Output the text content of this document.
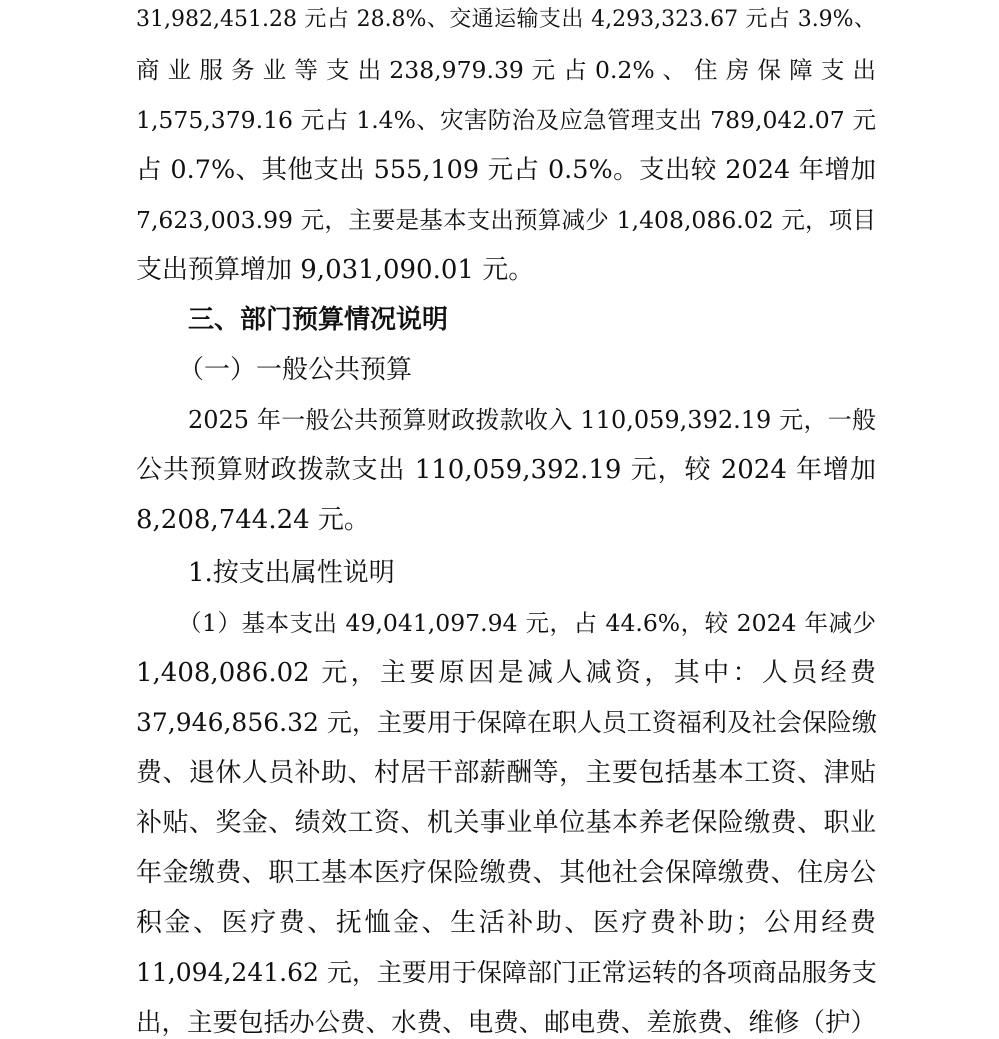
31,982,451.28 元占 28.8%、交通运输支出 4,293,323.67 元占 3.9%、
商 业 服 务 业 等 支 出 238,979.39 元 占 0.2% 、 住 房 保 障 支 出
1,575,379.16 元占 1.4%、灾害防治及应急管理支出 789,042.07 元
占 0.7%、其他支出 555,109 元占 0.5%。支出较 2024 年增加
7,623,003.99 元，主要是基本支出预算减少 1,408,086.02 元，项目
支出预算增加 9,031,090.01 元。
三、部门预算情况说明
（一）一般公共预算
2025 年一般公共预算财政拨款收入 110,059,392.19 元，一般
公共预算财政拨款支出 110,059,392.19 元，较 2024 年增加
8,208,744.24 元。
1.按支出属性说明
（1）基本支出 49,041,097.94 元，占 44.6%，较 2024 年减少
1,408,086.02 元，主要原因是减人减资，其中：人员经费
37,946,856.32 元，主要用于保障在职人员工资福利及社会保险缴
费、退休人员补助、村居干部薪酬等，主要包括基本工资、津贴
补贴、奖金、绩效工资、机关事业单位基本养老保险缴费、职业
年金缴费、职工基本医疗保险缴费、其他社会保障缴费、住房公
积金、医疗费、抚恤金、生活补助、医疗费补助；公用经费
11,094,241.62 元，主要用于保障部门正常运转的各项商品服务支
出，主要包括办公费、水费、电费、邮电费、差旅费、维修（护）
